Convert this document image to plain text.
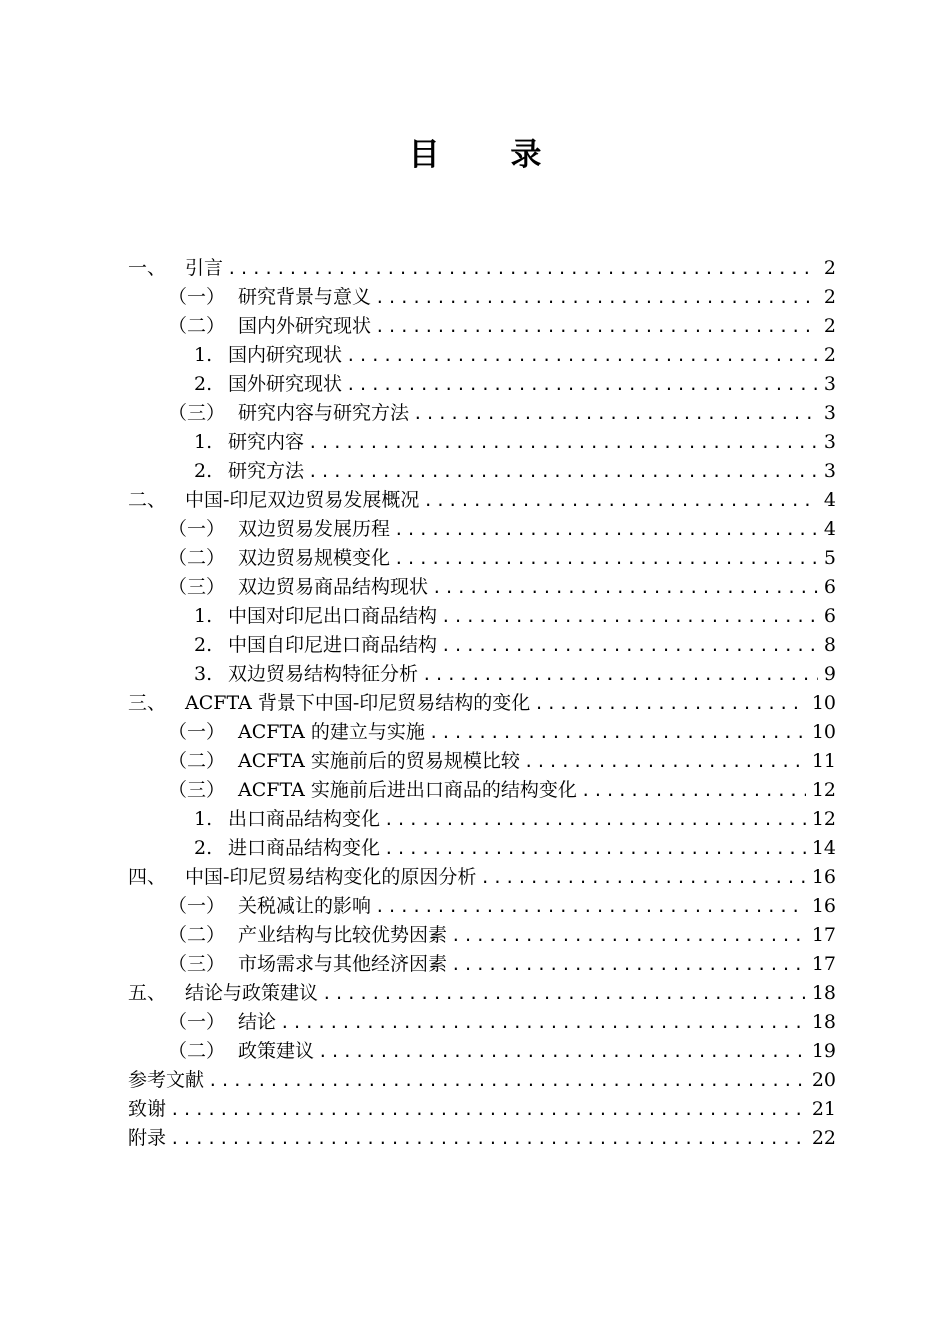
目 录
一、 引言 .....	2
（一） 研究背景与意义 .....	2
（二） 国内外研究现状 .....	2
1. 国内研究现状 .....	2
2. 国外研究现状 .....	3
（三） 研究内容与研究方法 .....	3
1. 研究内容 .....	3
2. 研究方法 .....	3
二、 中国-印尼双边贸易发展概况 .....	4
（一） 双边贸易发展历程 .....	4
（二） 双边贸易规模变化 .....	5
（三） 双边贸易商品结构现状 .....	6
1. 中国对印尼出口商品结构 .....	6
2. 中国自印尼进口商品结构 .....	8
3. 双边贸易结构特征分析 .....	9
三、 ACFTA 背景下中国-印尼贸易结构的变化 .....	10
（一） ACFTA 的建立与实施 .....	10
（二） ACFTA 实施前后的贸易规模比较 .....	11
（三） ACFTA 实施前后进出口商品的结构变化 .....	12
1. 出口商品结构变化 .....	12
2. 进口商品结构变化 .....	14
四、 中国-印尼贸易结构变化的原因分析 .....	16
（一） 关税减让的影响 .....	16
（二） 产业结构与比较优势因素 .....	17
（三） 市场需求与其他经济因素 .....	17
五、 结论与政策建议 .....	18
（一） 结论 .....	18
（二） 政策建议 .....	19
参考文献 .....	20
致谢 .....	21
附录 .....	22
